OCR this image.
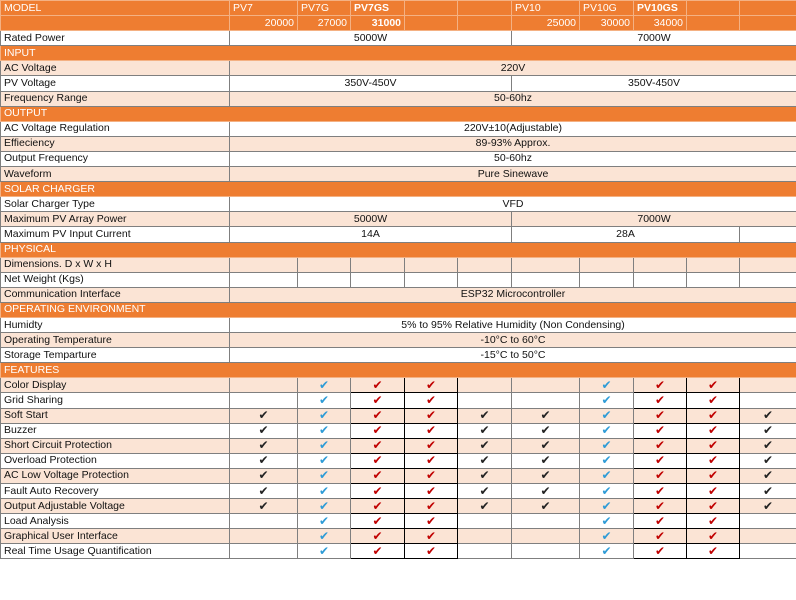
MODEL	PV7	PV7G	PV7GS			PV10	PV10G	PV10GS		
	20000	27000	31000			25000	30000	34000		
Rated Power	5000W					7000W				
INPUT										
AC Voltage	220V									
PV Voltage	350V-450V					350V-450V				
Frequency Range	50-60hz									
OUTPUT										
AC Voltage Regulation	220V±10(Adjustable)									
Effieciency	89-93% Approx.									
Output Frequency	50-60hz									
Waveform	Pure Sinewave									
SOLAR CHARGER										
Solar Charger Type	VFD									
Maximum PV Array Power	5000W					7000W				
Maximum PV Input Current	14A					28A				
PHYSICAL										
Dimensions. D x W x H										
Net Weight (Kgs)										
Communication Interface	ESP32 Microcontroller									
OPERATING ENVIRONMENT										
Humidty	5% to 95% Relative Humidity (Non Condensing)									
Operating Temperature	-10°C to 60°C									
Storage Temparture	-15°C to 50°C									
FEATURES										
Color Display		✔	✔	✔			✔	✔	✔	
Grid Sharing		✔	✔	✔			✔	✔	✔	
Soft Start	✔	✔	✔	✔	✔	✔	✔	✔	✔	✔
Buzzer	✔	✔	✔	✔	✔	✔	✔	✔	✔	✔
Short Circuit Protection	✔	✔	✔	✔	✔	✔	✔	✔	✔	✔
Overload Protection	✔	✔	✔	✔	✔	✔	✔	✔	✔	✔
AC Low Voltage Protection	✔	✔	✔	✔	✔	✔	✔	✔	✔	✔
Fault Auto Recovery	✔	✔	✔	✔	✔	✔	✔	✔	✔	✔
Output Adjustable Voltage	✔	✔	✔	✔	✔	✔	✔	✔	✔	✔
Load Analysis		✔	✔	✔			✔	✔	✔	
Graphical User Interface		✔	✔	✔			✔	✔	✔	
Real Time Usage Quantification		✔	✔	✔			✔	✔	✔	
